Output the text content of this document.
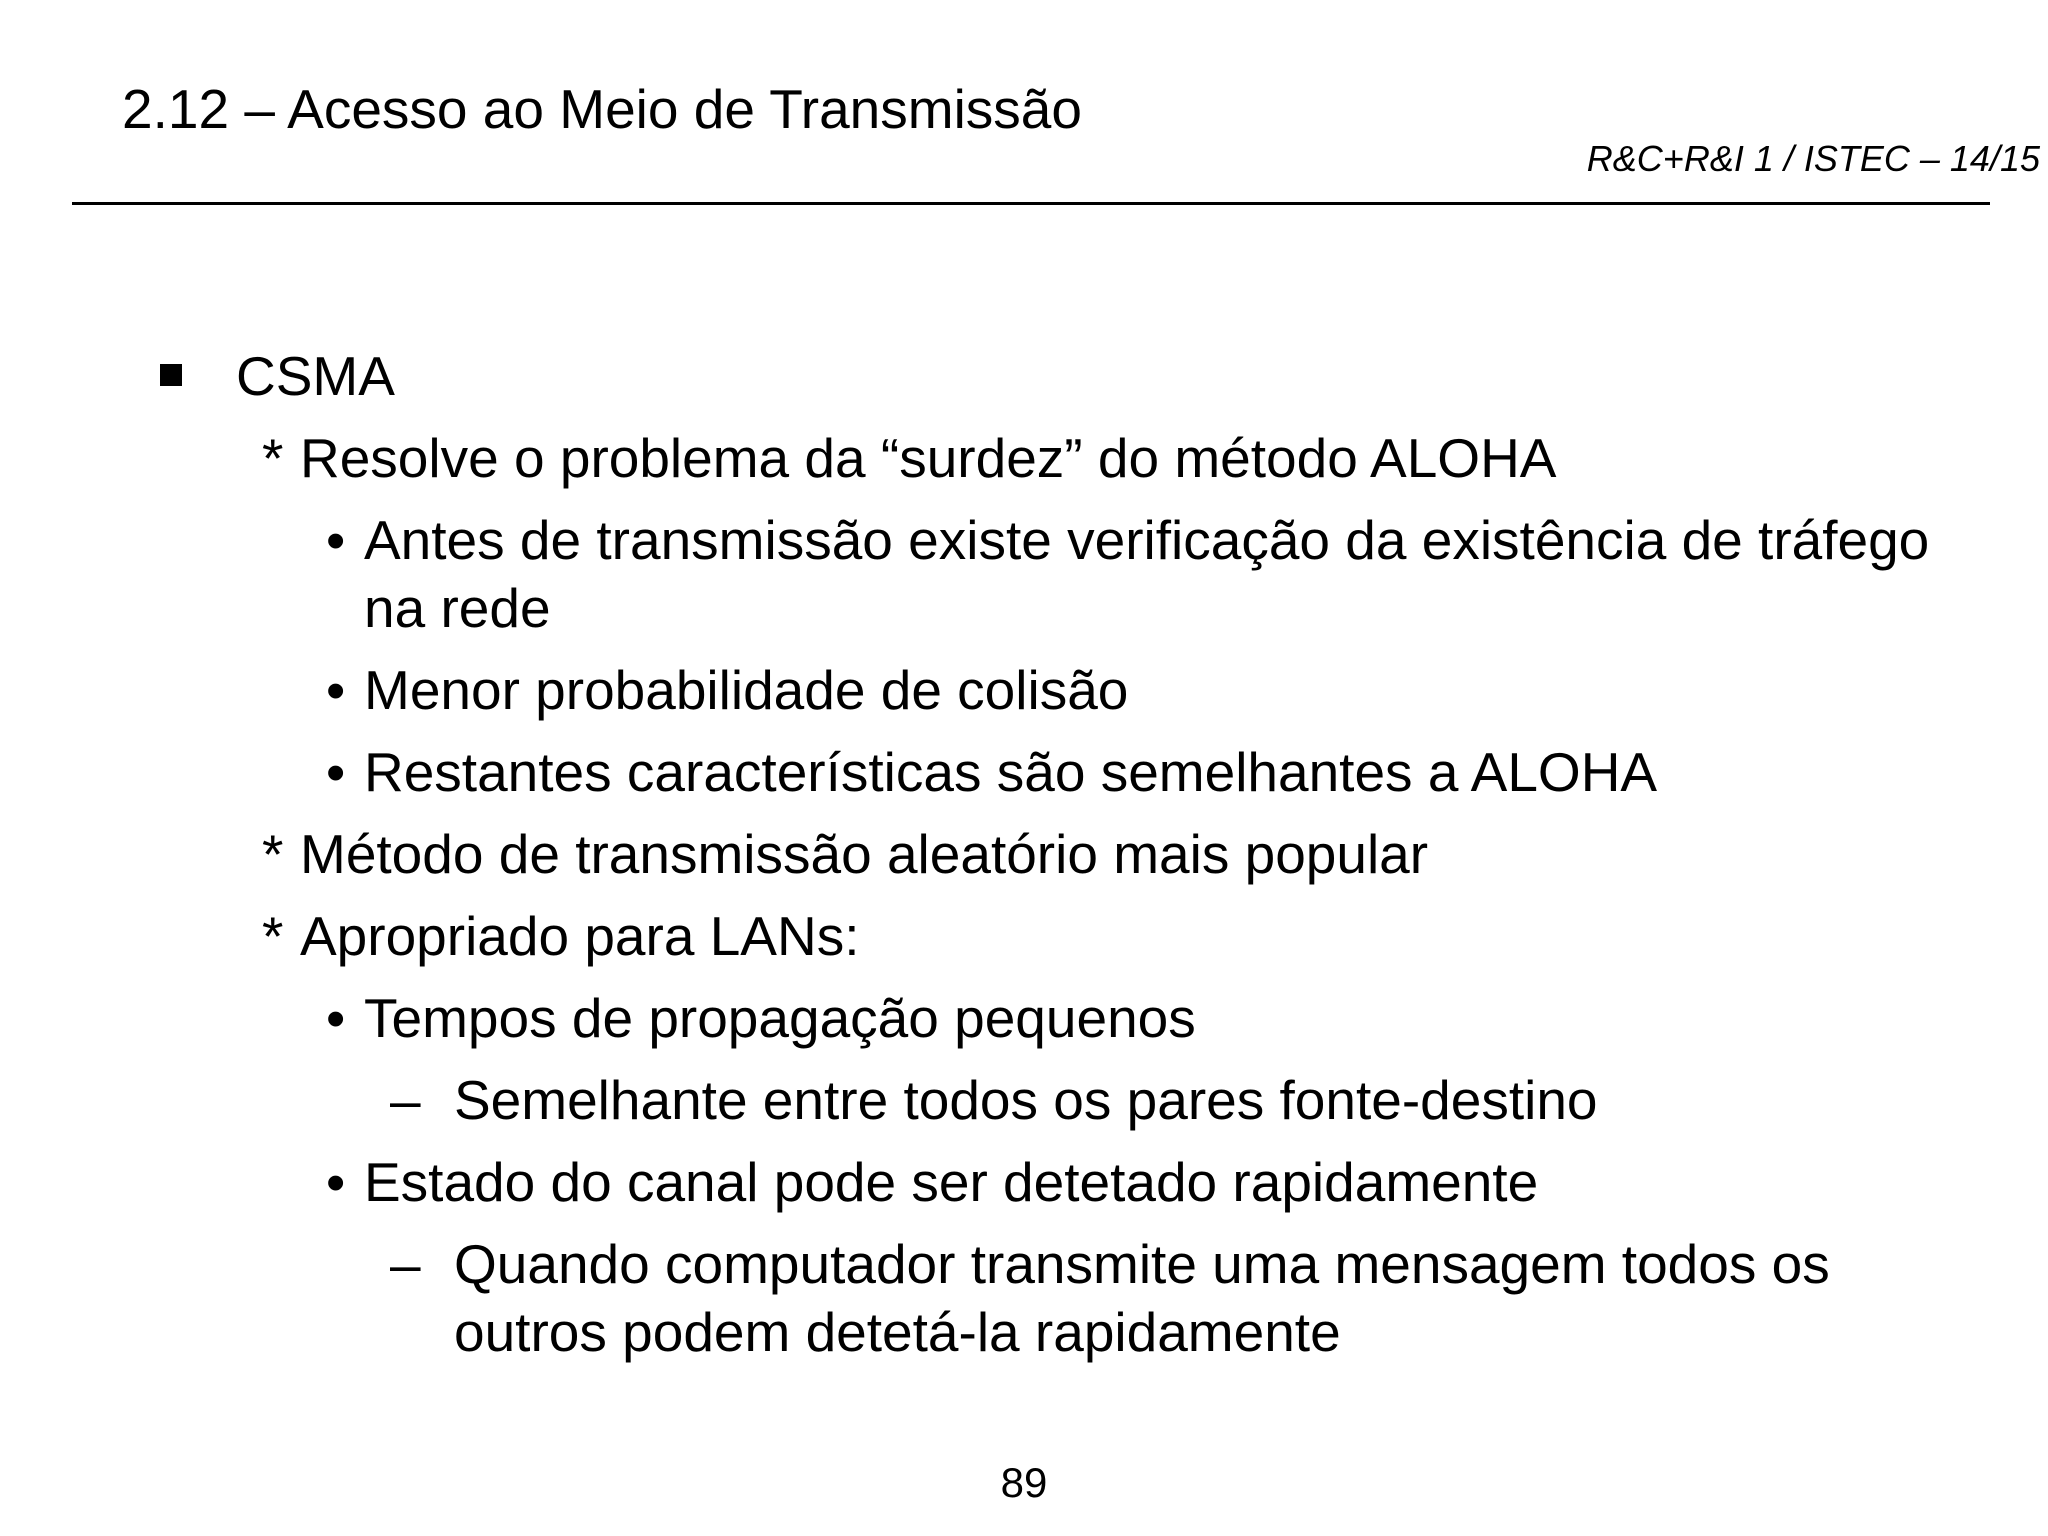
2.12 – Acesso ao Meio de Transmissão
R&C+R&I 1 / ISTEC – 14/15
CSMA
* Resolve o problema da “surdez” do método ALOHA
• Antes de transmissão existe verificação da existência de tráfego
na rede
• Menor probabilidade de colisão
• Restantes características são semelhantes a ALOHA
* Método de transmissão aleatório mais popular
* Apropriado para LANs:
• Tempos de propagação pequenos
– Semelhante entre todos os pares fonte-destino
• Estado do canal pode ser detetado rapidamente
– Quando computador transmite uma mensagem todos os
outros podem detetá-la rapidamente
89
